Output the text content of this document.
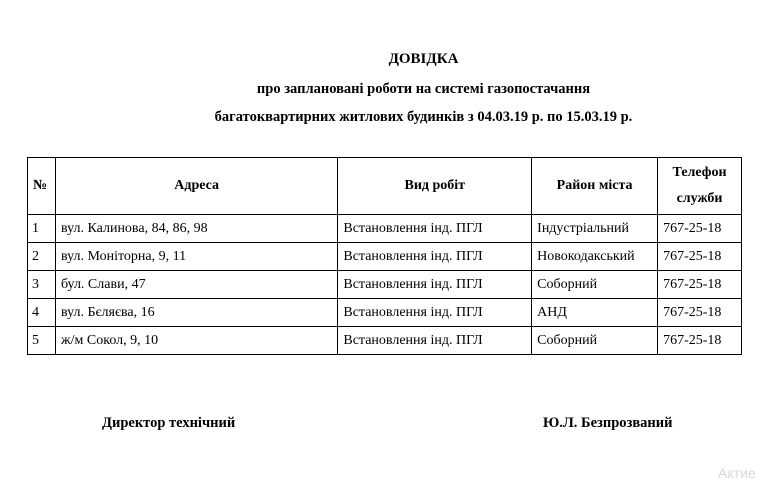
ДОВІДКА
про заплановані роботи на системі газопостачання
багатоквартирних житлових будинків з 04.03.19 р. по 15.03.19 р.
№	Адреса	Вид робіт	Район міста	Телефон
служби
1	вул. Калинова, 84, 86, 98	Встановлення інд. ПГЛ	Індустріальний	767-25-18
2	вул. Моніторна, 9, 11	Встановлення інд. ПГЛ	Новокодакський	767-25-18
3	бул. Слави, 47	Встановлення інд. ПГЛ	Соборний	767-25-18
4	вул. Бєляєва, 16	Встановлення інд. ПГЛ	АНД	767-25-18
5	ж/м Сокол, 9, 10	Встановлення інд. ПГЛ	Соборний	767-25-18
Директор технічний	Ю.Л. Безпрозваний
Актие
